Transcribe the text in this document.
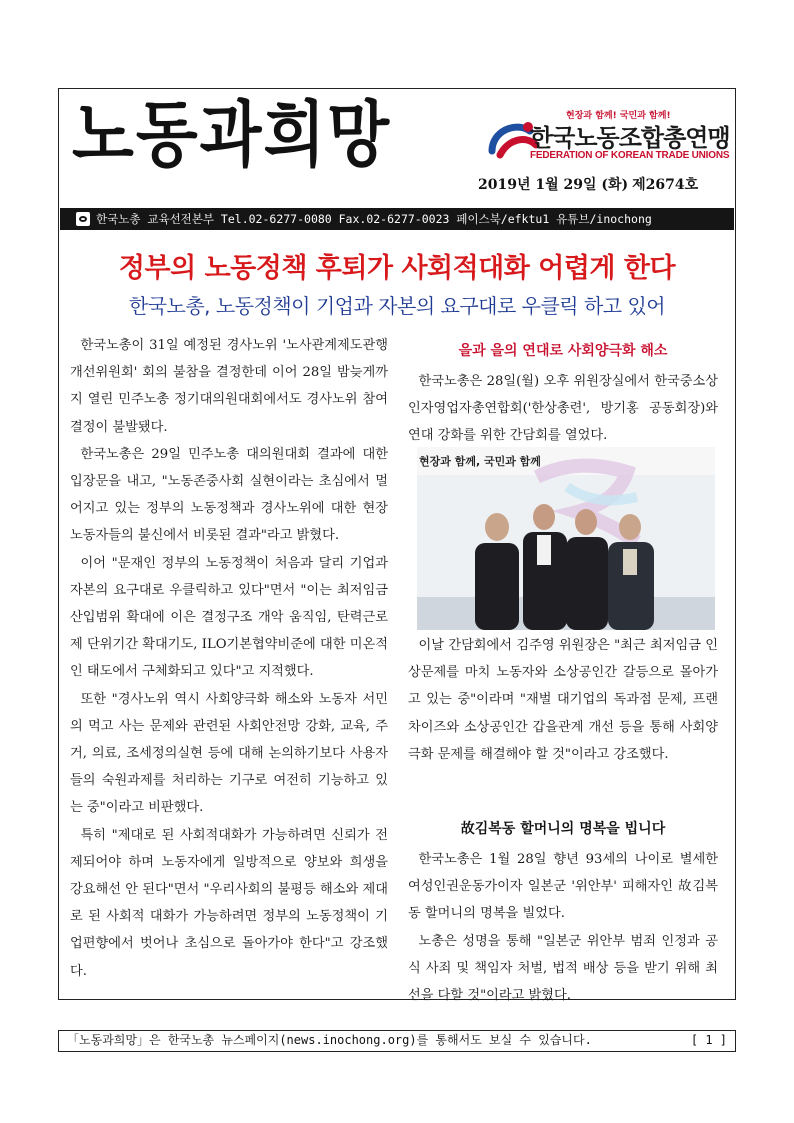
노동과희망	현장과 함께! 국민과 함께!
한국노동조합총연맹
FEDERATION OF KOREAN TRADE UNIONS
2019년 1월 29일 (화) 제2674호
한국노총 교육선전본부 Tel.02-6277-0080 Fax.02-6277-0023 페이스북/efktu1 유튜브/inochong
정부의 노동정책 후퇴가 사회적대화 어렵게 한다
한국노총, 노동정책이 기업과 자본의 요구대로 우클릭 하고 있어

한국노총이 31일 예정된 경사노위 '노사관계제도관행 개선위원회' 회의 불참을 결정한데 이어 28일 밤늦게까지 열린 민주노총 정기대의원대회에서도 경사노위 참여결정이 불발됐다.

한국노총은 29일 민주노총 대의원대회 결과에 대한 입장문을 내고, "노동존중사회 실현이라는 초심에서 멀어지고 있는 정부의 노동정책과 경사노위에 대한 현장노동자들의 불신에서 비롯된 결과"라고 밝혔다.

이어 "문재인 정부의 노동정책이 처음과 달리 기업과 자본의 요구대로 우클릭하고 있다"면서 "이는 최저임금 산입범위 확대에 이은 결정구조 개악 움직임, 탄력근로제 단위기간 확대기도, ILO기본협약비준에 대한 미온적인 태도에서 구체화되고 있다"고 지적했다.

또한 "경사노위 역시 사회양극화 해소와 노동자 서민의 먹고 사는 문제와 관련된 사회안전망 강화, 교육, 주거, 의료, 조세정의실현 등에 대해 논의하기보다 사용자들의 숙원과제를 처리하는 기구로 여전히 기능하고 있는 중"이라고 비판했다.

특히 "제대로 된 사회적대화가 가능하려면 신뢰가 전제되어야 하며 노동자에게 일방적으로 양보와 희생을 강요해선 안 된다"면서 "우리사회의 불평등 해소와 제대로 된 사회적 대화가 가능하려면 정부의 노동정책이 기업편향에서 벗어나 초심으로 돌아가야 한다"고 강조했다.

을과 을의 연대로 사회양극화 해소

한국노총은 28일(월) 오후 위원장실에서 한국중소상인자영업자총연합회('한상총련', 방기홍 공동회장)와 연대 강화를 위한 간담회를 열었다.

현장과 함께, 국민과 함께

이날 간담회에서 김주영 위원장은 "최근 최저임금 인상문제를 마치 노동자와 소상공인간 갈등으로 몰아가고 있는 중"이라며 "재벌 대기업의 독과점 문제, 프랜차이즈와 소상공인간 갑을관계 개선 등을 통해 사회양극화 문제를 해결해야 할 것"이라고 강조했다.

故김복동 할머니의 명복을 빕니다

한국노총은 1월 28일 향년 93세의 나이로 별세한 여성인권운동가이자 일본군 '위안부' 피해자인 故김복동 할머니의 명복을 빌었다.

노총은 성명을 통해 "일본군 위안부 범죄 인정과 공식 사죄 및 책임자 처벌, 법적 배상 등을 받기 위해 최선을 다할 것"이라고 밝혔다.

「노동과희망」은 한국노총 뉴스페이지(news.inochong.org)를 통해서도 보실 수 있습니다.	[ 1 ]
